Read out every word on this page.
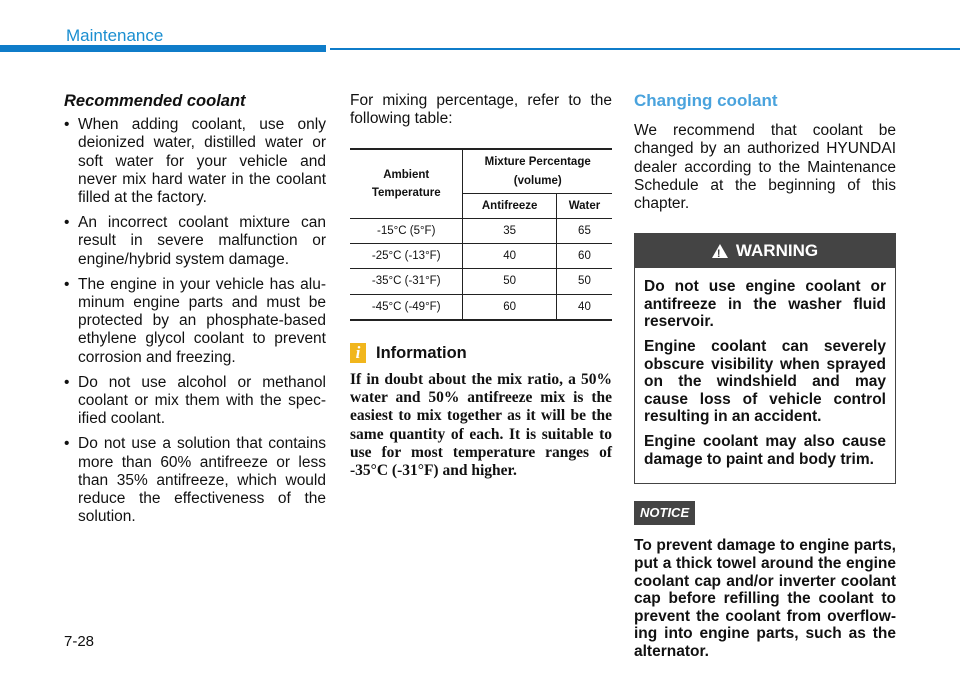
Maintenance
Recommended coolant
• When adding coolant, use only deionized water, distilled water or soft water for your vehicle and never mix hard water in the coolant filled at the factory.
• An incorrect coolant mixture can result in severe malfunction or engine/hybrid system damage.
• The engine in your vehicle has alu-minum engine parts and must be protected by an phosphate-based ethylene glycol coolant to prevent corrosion and freezing.
• Do not use alcohol or methanol coolant or mix them with the spec-ified coolant.
• Do not use a solution that contains more than 60% antifreeze or less than 35% antifreeze, which would reduce the effectiveness of the solution.

For mixing percentage, refer to the following table:

Ambient Temperature	Mixture Percentage (volume)	
	Antifreeze	Water
-15°C (5°F)	35	65
-25°C (-13°F)	40	60
-35°C (-31°F)	50	50
-45°C (-49°F)	60	40
i Information
If in doubt about the mix ratio, a 50% water and 50% antifreeze mix is the easiest to mix together as it will be the same quantity of each. It is suitable to use for most temperature ranges of -35°C (-31°F) and higher.
Changing coolant

We recommend that coolant be changed by an authorized HYUNDAI dealer according to the Maintenance Schedule at the beginning of this chapter.

!
WARNING

Do not use engine coolant or antifreeze in the washer fluid reservoir.

Engine coolant can severely obscure visibility when sprayed on the windshield and may cause loss of vehicle control resulting in an accident.

Engine coolant may also cause damage to paint and body trim.

NOTICE
To prevent damage to engine parts, put a thick towel around the engine coolant cap and/or inverter coolant cap before refilling the coolant to prevent the coolant from overflow-ing into engine parts, such as the alternator.
7-28
